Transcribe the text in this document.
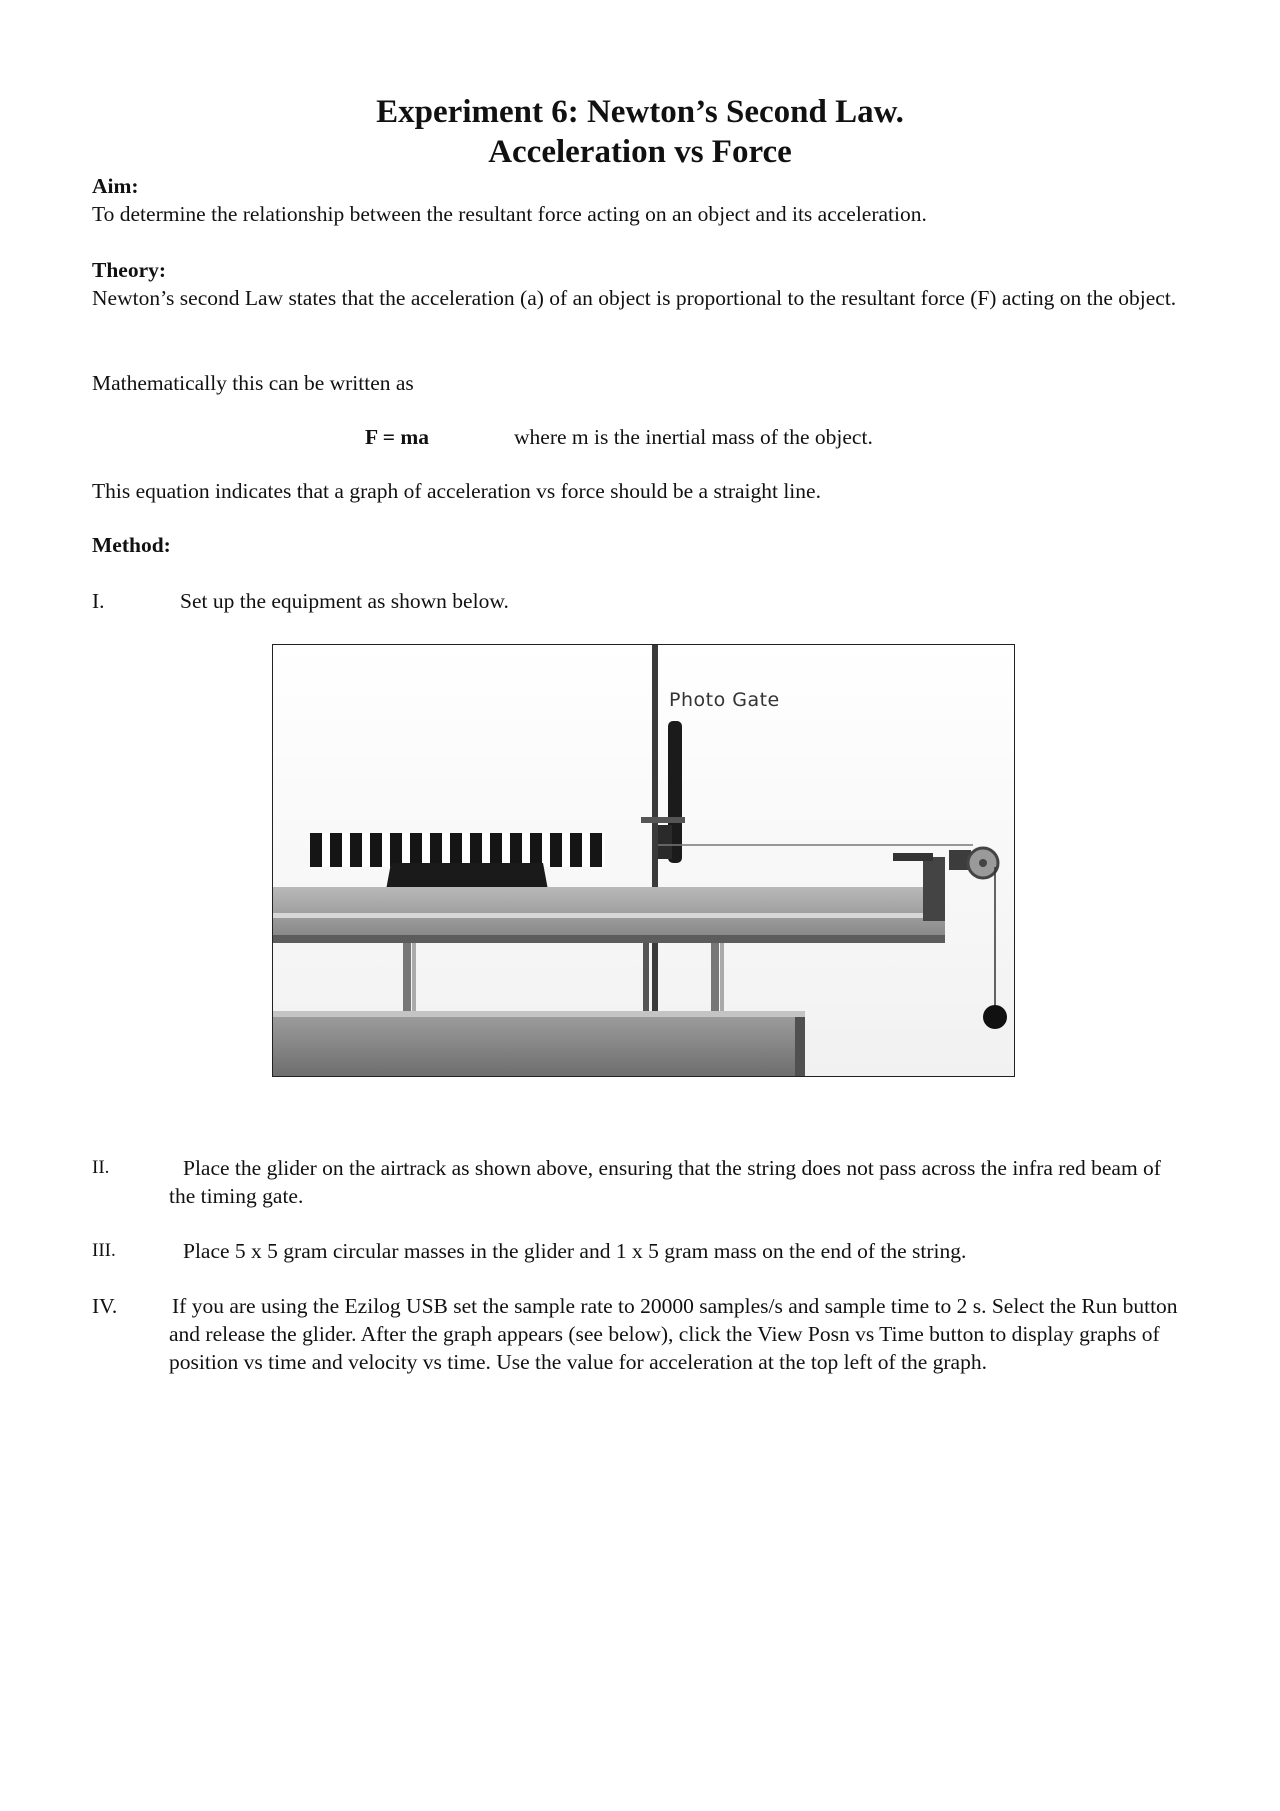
Experiment 6: Newton’s Second Law.
Acceleration vs Force
Aim:
To determine the relationship between the resultant force acting on an object and its acceleration.
Theory:
Newton’s second Law states that the acceleration (a) of an object is proportional to the resultant force (F) acting on the object.
Mathematically this can be written as
F = ma	where m is the inertial mass of the object.
This equation indicates that a graph of acceleration vs force should be a straight line.
Method:
I.	Set up the equipment as shown below.
Photo Gate
II.	Place the glider on the airtrack as shown above, ensuring that the string does not pass across the infra red beam of the timing gate.
III.	Place 5 x 5 gram circular masses in the glider and 1 x 5 gram mass on the end of the string.
IV.	If you are using the Ezilog USB set the sample rate to 20000 samples/s and sample time to 2 s. Select the Run button and release the glider. After the graph appears (see below), click the View Posn vs Time button to display graphs of position vs time and velocity vs time. Use the value for acceleration at the top left of the graph.
